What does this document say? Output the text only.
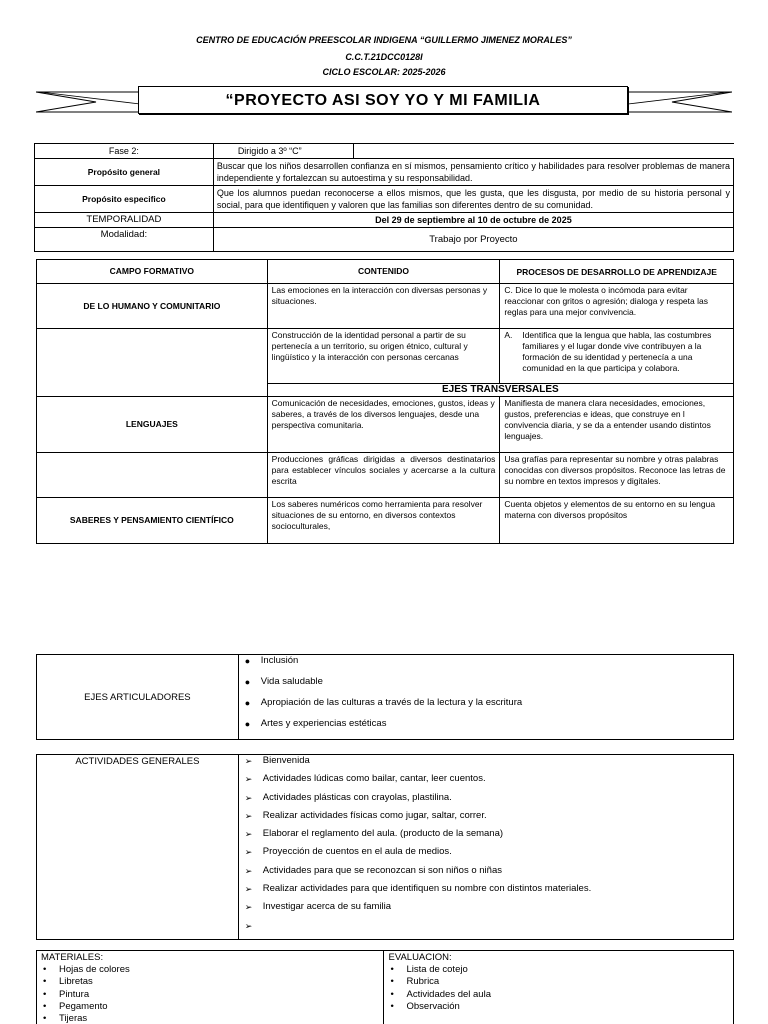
CENTRO DE EDUCACIÓN PREESCOLAR INDIGENA “GUILLERMO JIMENEZ MORALES”
C.C.T.21DCC0128I
CICLO ESCOLAR: 2025-2026
“PROYECTO ASI SOY YO Y MI FAMILIA
Fase 2:	Dirigido a 3º “C”	
Propósito general	Buscar que los niños desarrollen confianza en sí mismos, pensamiento crítico y habilidades para resolver problemas de manera independiente y fortalezcan su autoestima y su responsabilidad.	
Propósito especifico	Que los alumnos puedan reconocerse a ellos mismos, que les gusta, que les disgusta, por medio de su historia personal y social, para que identifiquen y valoren que las familias son diferentes dentro de su comunidad.	
TEMPORALIDAD	Del 29 de septiembre al 10 de octubre de 2025	
Modalidad:	Trabajo por Proyecto	
CAMPO FORMATIVO	CONTENIDO	PROCESOS DE DESARROLLO DE APRENDIZAJE
DE LO HUMANO Y COMUNITARIO	Las emociones en la interacción con diversas personas y situaciones.	C. Dice lo que le molesta o incómoda para evitar reaccionar con gritos o agresión; dialoga y respeta las reglas para una mejor convivencia.
	Construcción de la identidad personal a partir de su pertenecía a un territorio, su origen étnico, cultural y lingüístico y la interacción con personas cercanas	A. Identifica que la lengua que habla, las costumbres familiares y el lugar donde vive contribuyen a la formación de su identidad y pertenecía a una comunidad en la que participa y colabora.

	EJES TRANSVERSALES	
LENGUAJES	Comunicación de necesidades, emociones, gustos, ideas y saberes, a través de los diversos lenguajes, desde una perspectiva comunitaria.	Manifiesta de manera clara necesidades, emociones, gustos, preferencias e ideas, que construye en l convivencia diaria, y se da a entender usando distintos lenguajes.
	Producciones gráficas dirigidas a diversos destinatarios para establecer vínculos sociales y acercarse a la cultura escrita	Usa grafías para representar su nombre y otras palabras conocidas con diversos propósitos. Reconoce las letras de su nombre en textos impresos y digitales.
SABERES Y PENSAMIENTO CIENTÍFICO	Los saberes numéricos como herramienta para resolver situaciones de su entorno, en diversos contextos socioculturales,	Cuenta objetos y elementos de su entorno en su lengua materna con diversos propósitos
EJES ARTICULADORES	
●	Inclusión
●	Vida saludable
●	Apropiación de las culturas a través de la lectura y la escritura
●	Artes y experiencias estéticas
ACTIVIDADES GENERALES	➢	Bienvenida
➢	Actividades lúdicas como bailar, cantar, leer cuentos.
➢	Actividades plásticas con crayolas, plastilina.
➢	Realizar actividades físicas como jugar, saltar, correr.
➢	Elaborar el reglamento del aula. (producto de la semana)
➢	Proyección de cuentos en el aula de medios.
➢	Actividades para que se reconozcan si son niños o niñas
➢	Realizar actividades para que identifiquen su nombre con distintos materiales.
➢	Investigar acerca de su familia
➢
MATERIALES:
•	Hojas de colores
•	Libretas
•	Pintura
•	Pegamento
•	Tijeras

EVALUACION:
•	Lista de cotejo
•	Rubrica
•	Actividades del aula
•	Observación
